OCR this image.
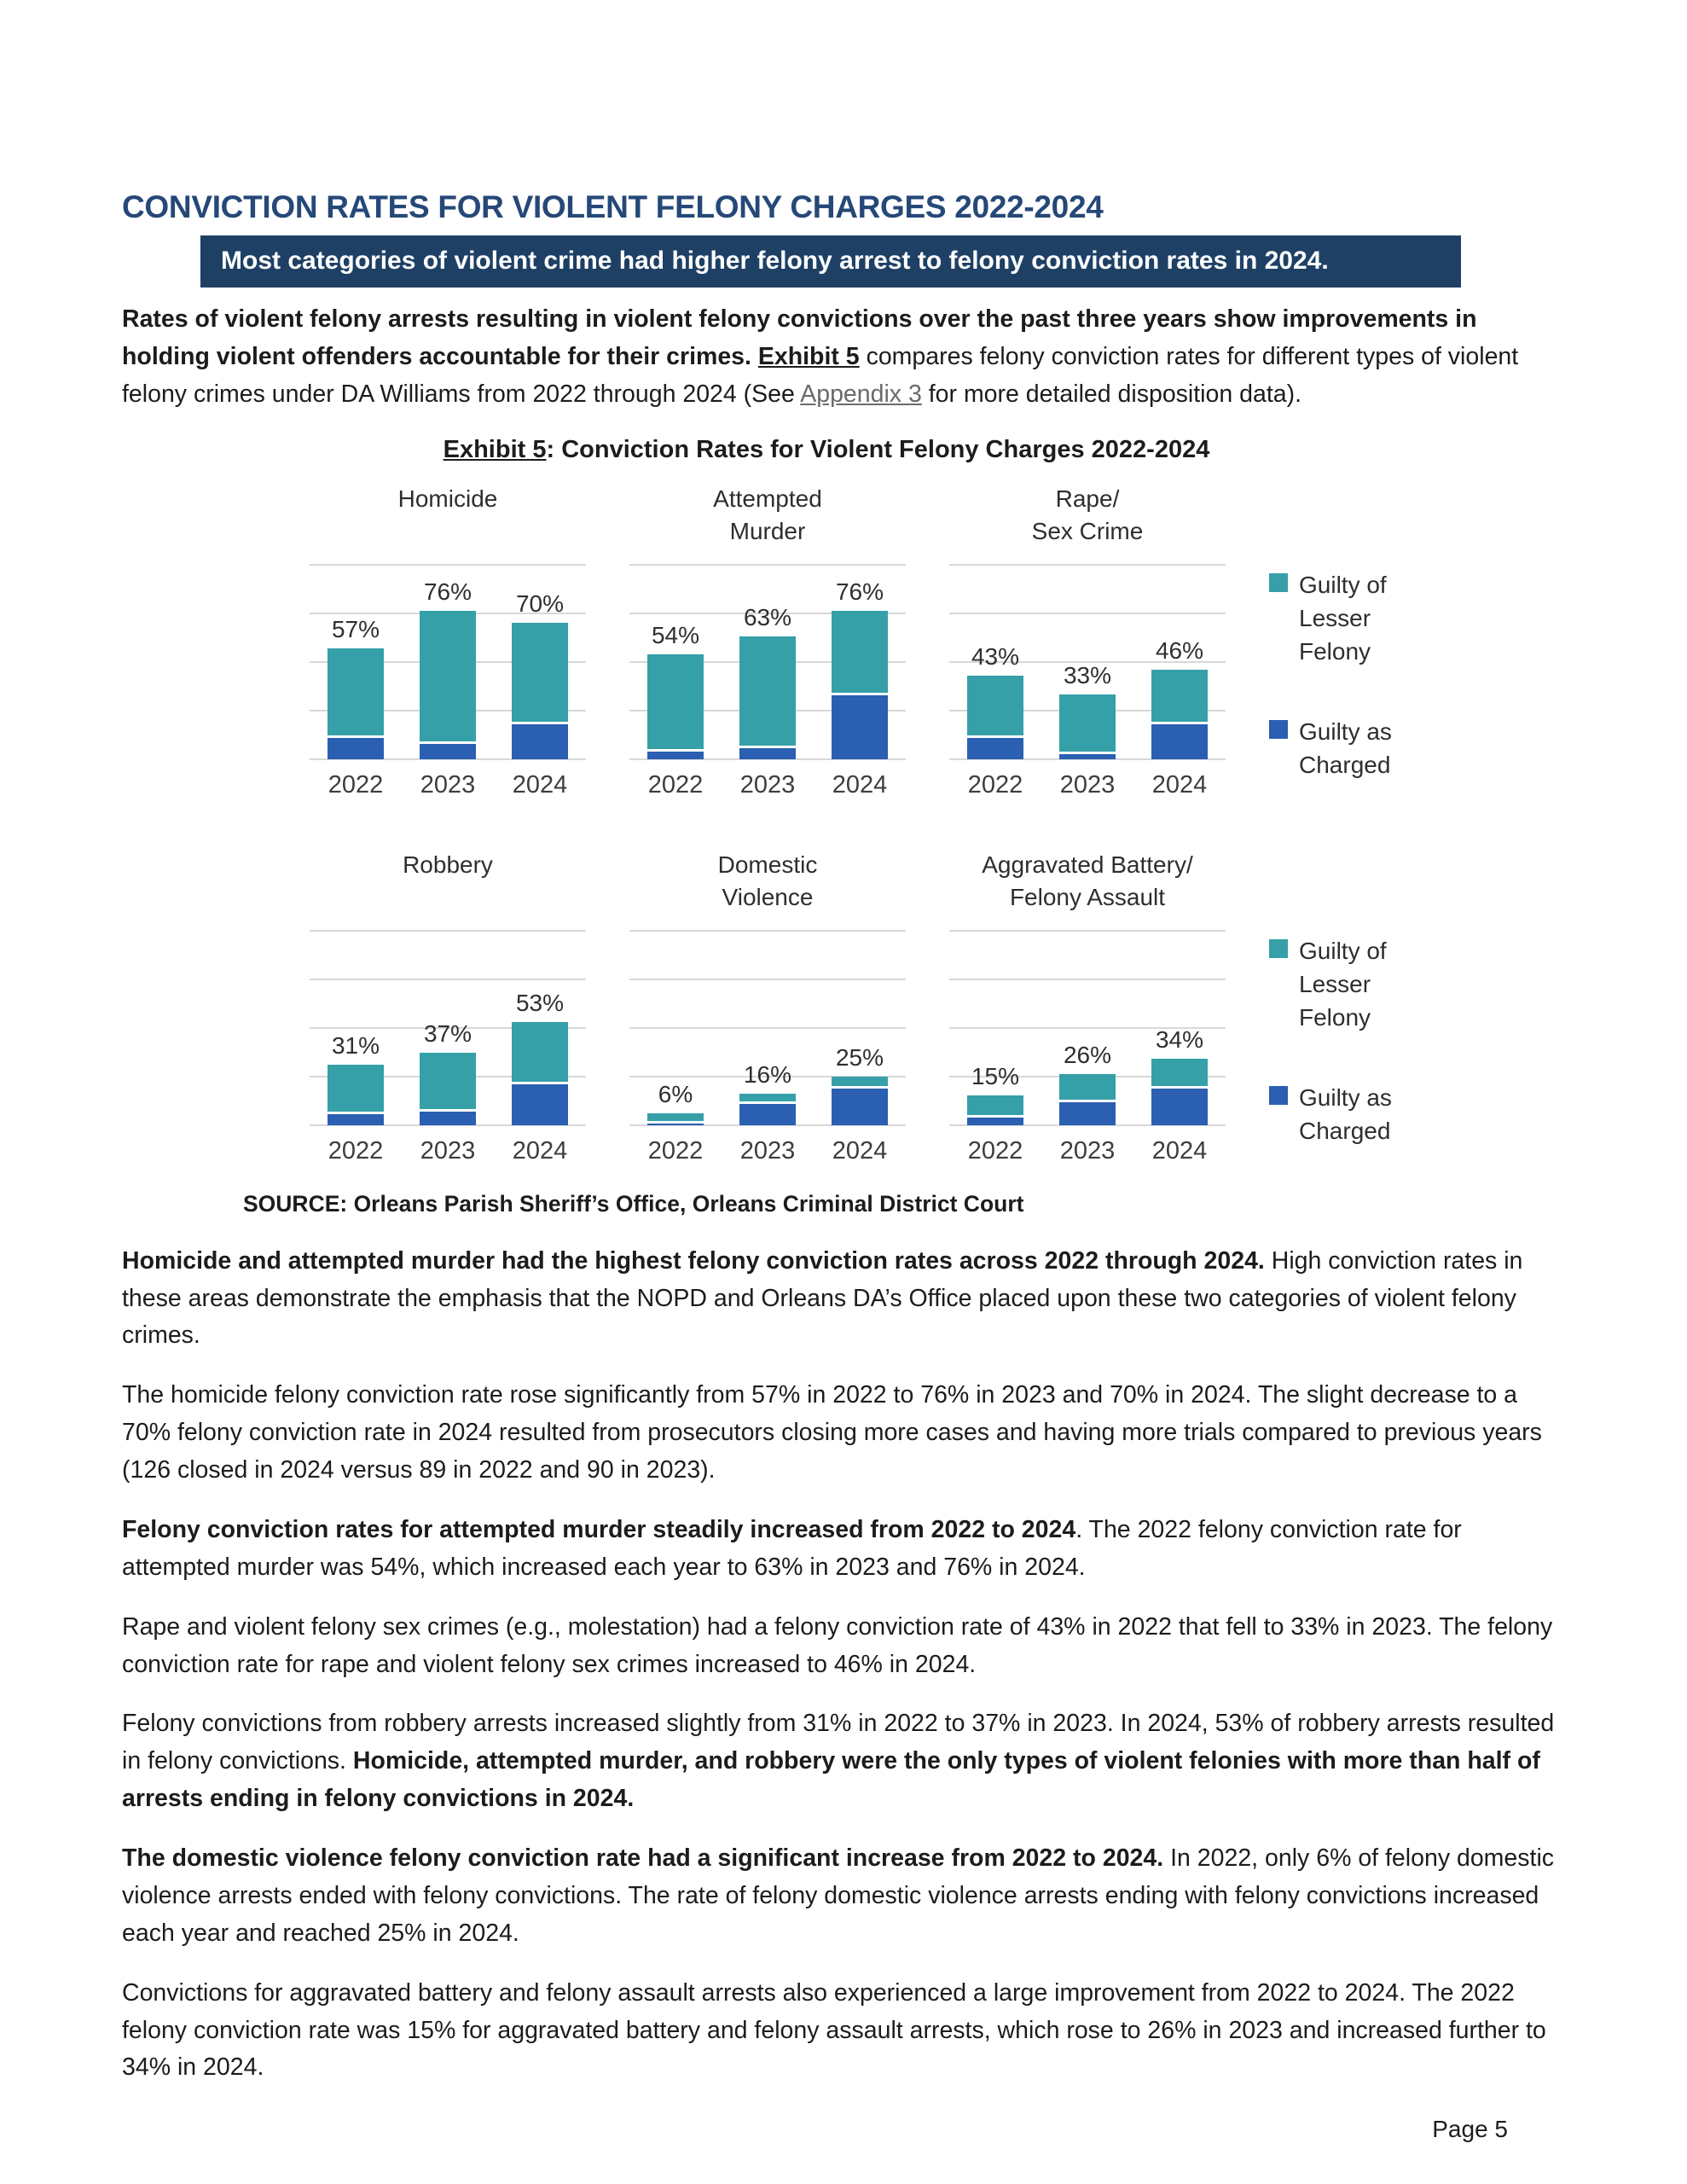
CONVICTION RATES FOR VIOLENT FELONY CHARGES 2022-2024
Most categories of violent crime had higher felony arrest to felony conviction rates in 2024.

Rates of violent felony arrests resulting in violent felony convictions over the past three years show improvements in holding violent offenders accountable for their crimes. Exhibit 5 compares felony conviction rates for different types of violent felony crimes under DA Williams from 2022 through 2024 (See Appendix 3 for more detailed disposition data).

Exhibit 5: Conviction Rates for Violent Felony Charges 2022-2024
Homicide
57%
76% 70%
2022	2023	2024
Attempted
Murder
54%
63%
76%
2022	2023	2024
Rape/
Sex Crime
43%
33%
46%
2022	2023	2024
Guilty of Lesser Felony
Guilty as Charged
Robbery
31% 37%
53%
2022	2023	2024
Domestic
Violence
6%
16%
25%
2022	2023	2024
Aggravated Battery/
Felony Assault
15%
26%
34%
2022	2023	2024
Guilty of Lesser Felony
Guilty as Charged
SOURCE: Orleans Parish Sheriff’s Office, Orleans Criminal District Court

Homicide and attempted murder had the highest felony conviction rates across 2022 through 2024. High conviction rates in these areas demonstrate the emphasis that the NOPD and Orleans DA’s Office placed upon these two categories of violent felony crimes.

The homicide felony conviction rate rose significantly from 57% in 2022 to 76% in 2023 and 70% in 2024. The slight decrease to a 70% felony conviction rate in 2024 resulted from prosecutors closing more cases and having more trials compared to previous years (126 closed in 2024 versus 89 in 2022 and 90 in 2023).

Felony conviction rates for attempted murder steadily increased from 2022 to 2024. The 2022 felony conviction rate for attempted murder was 54%, which increased each year to 63% in 2023 and 76% in 2024.

Rape and violent felony sex crimes (e.g., molestation) had a felony conviction rate of 43% in 2022 that fell to 33% in 2023. The felony conviction rate for rape and violent felony sex crimes increased to 46% in 2024.

Felony convictions from robbery arrests increased slightly from 31% in 2022 to 37% in 2023. In 2024, 53% of robbery arrests resulted in felony convictions. Homicide, attempted murder, and robbery were the only types of violent felonies with more than half of arrests ending in felony convictions in 2024.

The domestic violence felony conviction rate had a significant increase from 2022 to 2024. In 2022, only 6% of felony domestic violence arrests ended with felony convictions. The rate of felony domestic violence arrests ending with felony convictions increased each year and reached 25% in 2024.

Convictions for aggravated battery and felony assault arrests also experienced a large improvement from 2022 to 2024. The 2022 felony conviction rate was 15% for aggravated battery and felony assault arrests, which rose to 26% in 2023 and increased further to 34% in 2024.

Page 5
